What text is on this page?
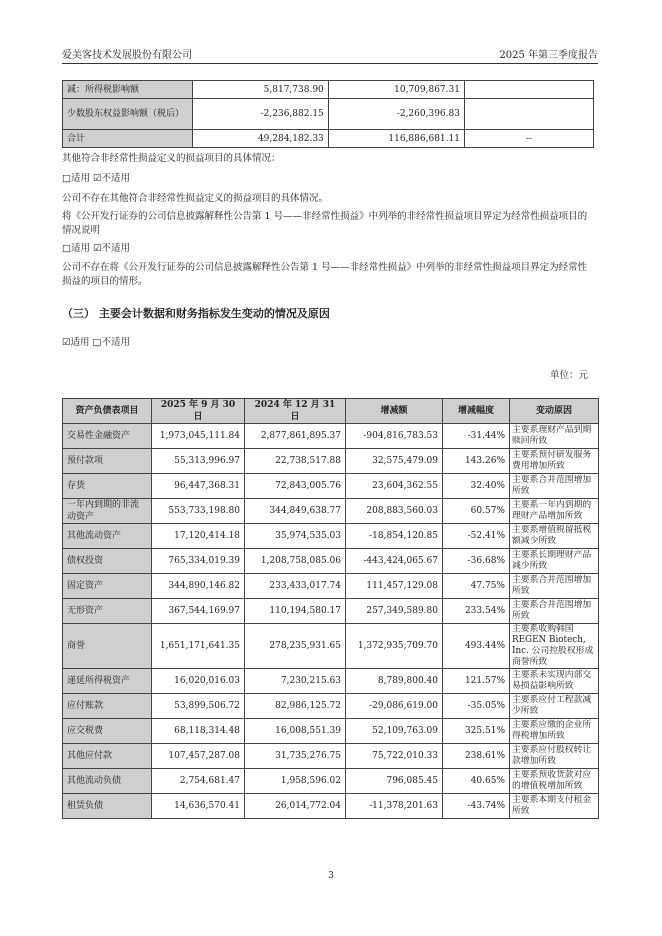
爱美客技术发展股份有限公司	2025 年第三季度报告
减：所得税影响额	5,817,738.90	10,709,867.31	
少数股东权益影响额（税后）	-2,236,882.15	-2,260,396.83	
合计	49,284,182.33	116,886,681.11	--
其他符合非经常性损益定义的损益项目的具体情况：
□适用 ☑不适用
公司不存在其他符合非经常性损益定义的损益项目的具体情况。
将《公开发行证券的公司信息披露解释性公告第 1 号——非经常性损益》中列举的非经常性损益项目界定为经常性损益项目的情况说明
□适用 ☑不适用
公司不存在将《公开发行证券的公司信息披露解释性公告第 1 号——非经常性损益》中列举的非经常性损益项目界定为经常性损益的项目的情形。
（三） 主要会计数据和财务指标发生变动的情况及原因
☑适用 □不适用
单位：元
资产负债表项目	2025 年 9 月 30 日	2024 年 12 月 31 日	增减额	增减幅度	变动原因
交易性金融资产	1,973,045,111.84	2,877,861,895.37	-904,816,783.53	-31.44%	主要系理财产品到期赎回所致
预付款项	55,313,996.97	22,738,517.88	32,575,479.09	143.26%	主要系预付研发服务费用增加所致
存货	96,447,368.31	72,843,005.76	23,604,362.55	32.40%	主要系合并范围增加所致
一年内到期的非流动资产	553,733,198.80	344,849,638.77	208,883,560.03	60.57%	主要系一年内到期的理财产品增加所致
其他流动资产	17,120,414.18	35,974,535.03	-18,854,120.85	-52.41%	主要系增值税留抵税额减少所致
债权投资	765,334,019.39	1,208,758,085.06	-443,424,065.67	-36.68%	主要系长期理财产品减少所致
固定资产	344,890,146.82	233,433,017.74	111,457,129.08	47.75%	主要系合并范围增加所致
无形资产	367,544,169.97	110,194,580.17	257,349,589.80	233.54%	主要系合并范围增加所致
商誉	1,651,171,641.35	278,235,931.65	1,372,935,709.70	493.44%	主要系收购韩国REGEN Biotech, Inc. 公司控股权形成商誉所致
递延所得税资产	16,020,016.03	7,230,215.63	8,789,800.40	121.57%	主要系未实现内部交易损益影响所致
应付账款	53,899,506.72	82,986,125.72	-29,086,619.00	-35.05%	主要系应付工程款减少所致
应交税费	68,118,314.48	16,008,551.39	52,109,763.09	325.51%	主要系应缴的企业所得税增加所致
其他应付款	107,457,287.08	31,735,276.75	75,722,010.33	238.61%	主要系应付股权转让款增加所致
其他流动负债	2,754,681.47	1,958,596.02	796,085.45	40.65%	主要系预收货款对应的增值税增加所致
租赁负债	14,636,570.41	26,014,772.04	-11,378,201.63	-43.74%	主要系本期支付租金所致
3
